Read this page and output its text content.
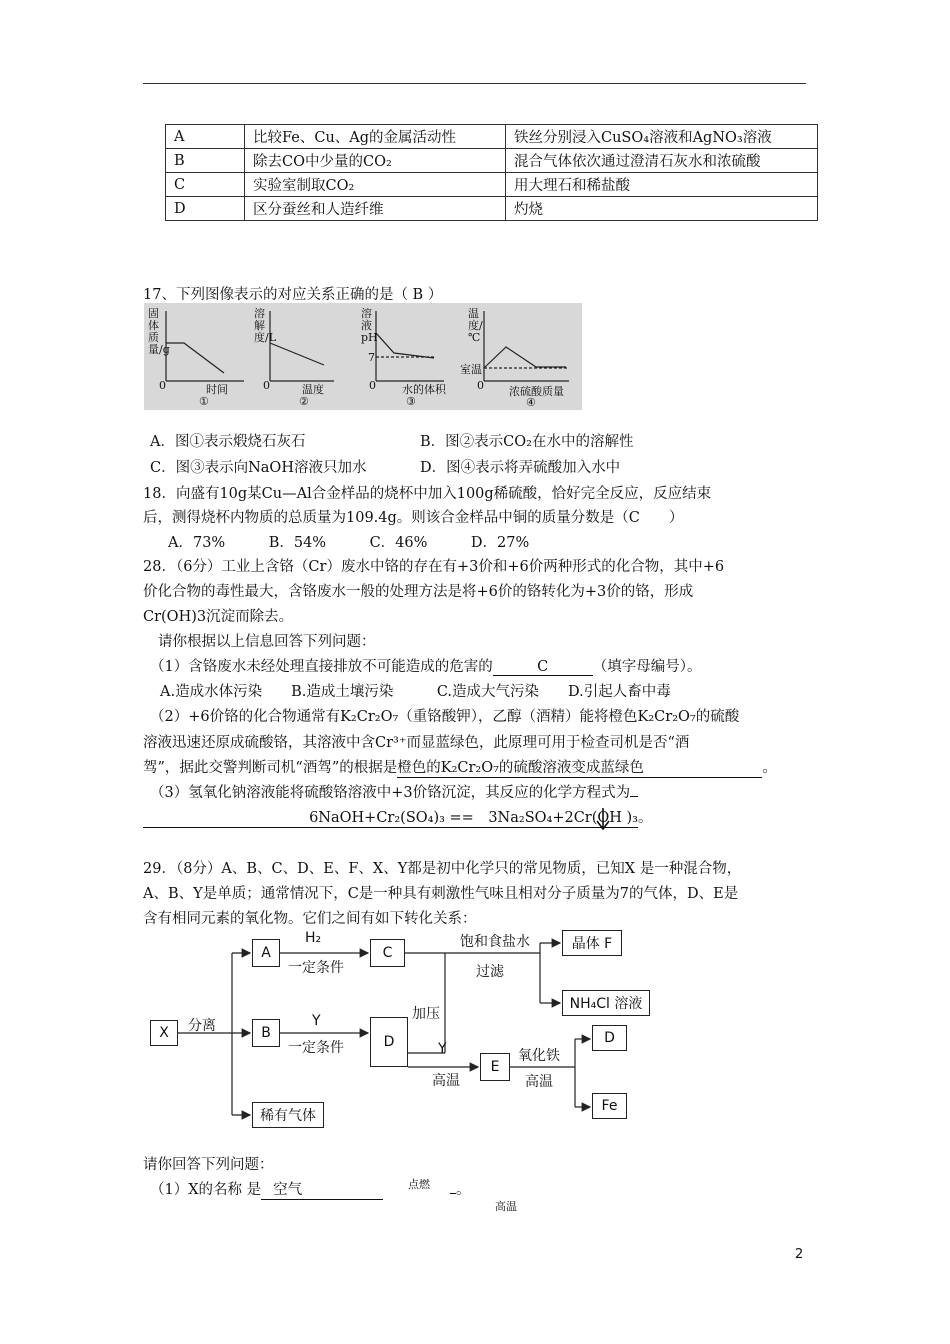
A	比较Fe、Cu、Ag的金属活动性	铁丝分别浸入CuSO₄溶液和AgNO₃溶液
B	除去CO中少量的CO₂	混合气体依次通过澄清石灰水和浓硫酸
C	实验室制取CO₂	用大理石和稀盐酸
D	区分蚕丝和人造纤维	灼烧
17、下列图像表示的对应关系正确的是（ B ）
固体质量/g
时间
0
①
溶解度/L
温度
0
②
溶液pH
7
水的体积
0
③
温度/℃
室温
浓硫酸质量
0
④
A．图①表示煅烧石灰石	B．图②表示CO₂在水中的溶解性
C．图③表示向NaOH溶液只加水	D．图④表示将弄硫酸加入水中
18．向盛有10g某Cu—Al合金样品的烧杯中加入100g稀硫酸，恰好完全反应，反应结束
后，测得烧杯内物质的总质量为109.4g。则该合金样品中铜的质量分数是（C　　）
A．73%　　　B．54%　　　C．46%　　　D．27%
28．（6分）工业上含铬（Cr）废水中铬的存在有+3价和+6价两种形式的化合物，其中+6
价化合物的毒性最大，含铬废水一般的处理方法是将+6价的铬转化为+3价的铬，形成
Cr(OH)3沉淀而除去。
请你根据以上信息回答下列问题：
（1）含铬废水未经处理直接排放不可能造成的危害的	C	（填字母编号）。
A.造成水体污染　　B.造成土壤污染　　　C.造成大气污染　　D.引起人畜中毒
（2）+6价铬的化合物通常有K₂Cr₂O₇（重铬酸钾），乙醇（酒精）能将橙色K₂Cr₂O₇的硫酸
溶液迅速还原成硫酸铬，其溶液中含Cr³⁺而显蓝绿色，此原理可用于检查司机是否“酒
驾”，据此交警判断司机“酒驾”的根据是橙色的K₂Cr₂O₇的硫酸溶液变成蓝绿色	。
（3）氢氧化钠溶液能将硫酸铬溶液中+3价铬沉淀，其反应的化学方程式为
6NaOH+Cr₂(SO₄)₃ ==　3Na₂SO₄+2Cr(OH )₃。
29．（8分）A、B、C、D、E、F、X、Y都是初中化学只的常见物质，已知X 是一种混合物，
A、B、Y是单质；通常情况下，C是一种具有刺激性气味且相对分子质量为7的气体，D、E是
含有相同元素的氧化物。它们之间有如下转化关系：
X
A
B
C
D
E
D
Fe
稀有气体
晶体 F
NH₄Cl 溶液
分离
H₂
一定条件
Y
一定条件
饱和食盐水
过滤
加压
Y
高温
氧化铁
高温
请你回答下列问题：
（1）X的名称 是 空气	点燃	。
高温
2
